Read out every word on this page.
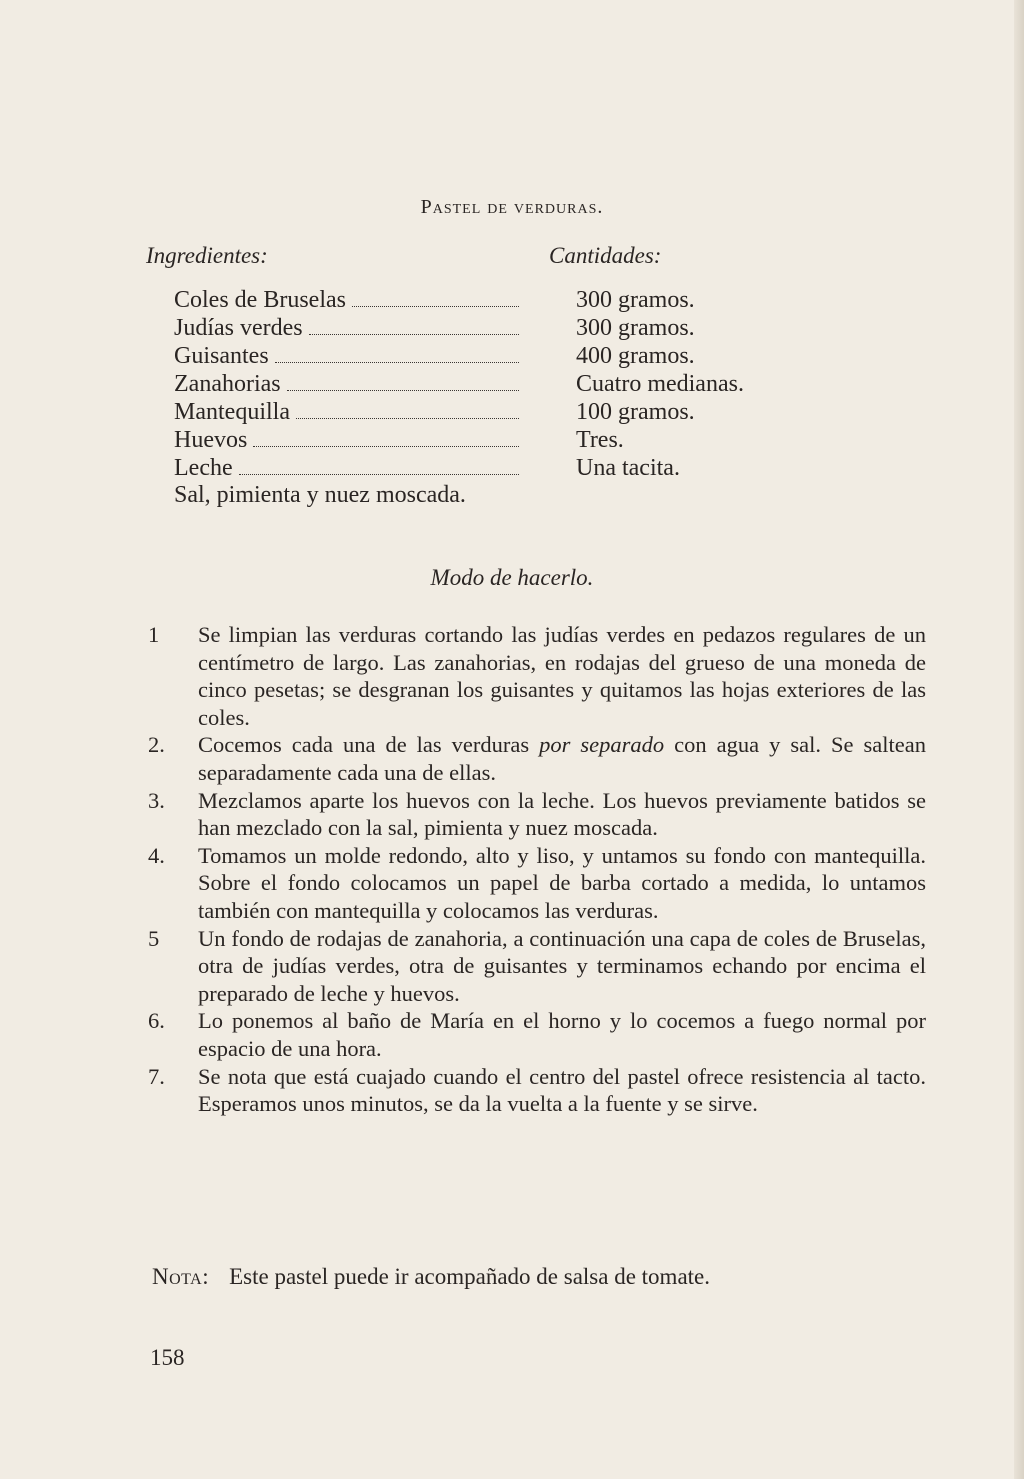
Pastel de verduras.
Ingredientes:	Cantidades:
Coles de Bruselas	300 gramos.
Judías verdes	300 gramos.
Guisantes	400 gramos.
Zanahorias	Cuatro medianas.
Mantequilla	100 gramos.
Huevos	Tres.
Leche	Una tacita.
Sal, pimienta y nuez moscada.
Modo de hacerlo.
1 Se limpian las verduras cortando las judías verdes en pedazos regulares de un centímetro de largo. Las zanahorias, en rodajas del grueso de una moneda de cinco pesetas; se desgranan los guisantes y quitamos las hojas exteriores de las coles.
2. Cocemos cada una de las verduras por separado con agua y sal. Se saltean separadamente cada una de ellas.
3. Mezclamos aparte los huevos con la leche. Los huevos previamente batidos se han mezclado con la sal, pimienta y nuez moscada.
4. Tomamos un molde redondo, alto y liso, y untamos su fondo con mantequilla. Sobre el fondo colocamos un papel de barba cortado a medida, lo untamos también con mantequilla y colocamos las verduras.
5 Un fondo de rodajas de zanahoria, a continuación una capa de coles de Bruselas, otra de judías verdes, otra de guisantes y terminamos echando por encima el preparado de leche y huevos.
6. Lo ponemos al baño de María en el horno y lo cocemos a fuego normal por espacio de una hora.
7. Se nota que está cuajado cuando el centro del pastel ofrece resistencia al tacto. Esperamos unos minutos, se da la vuelta a la fuente y se sirve.
Nota: Este pastel puede ir acompañado de salsa de tomate.
158
